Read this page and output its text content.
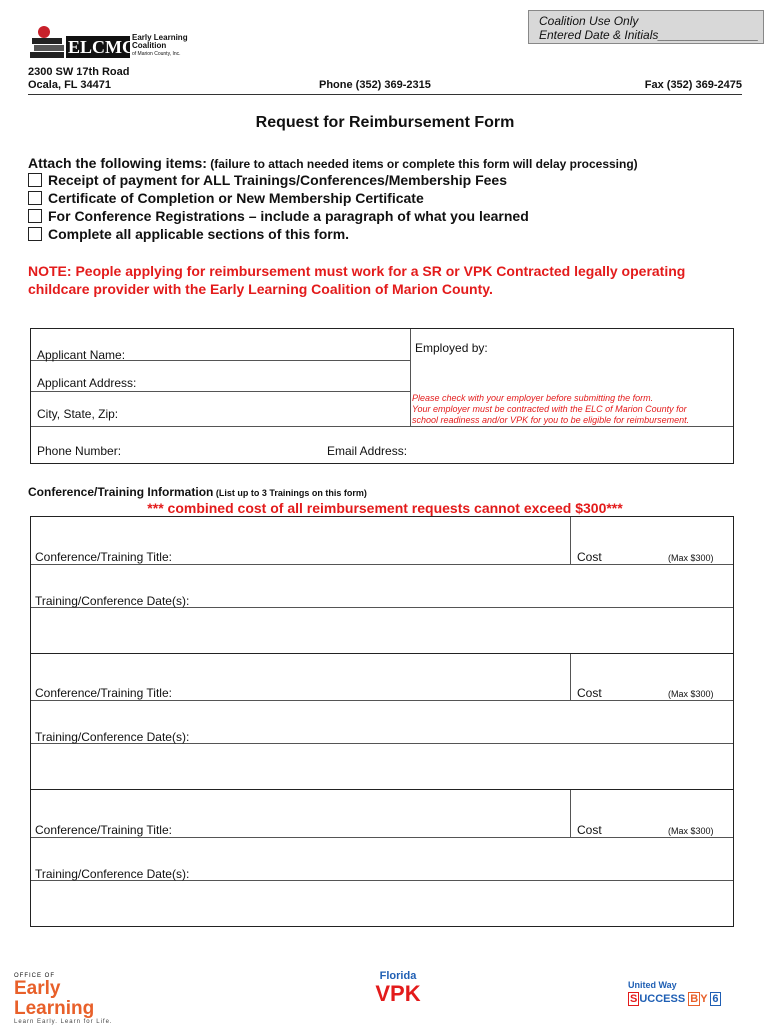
Coalition Use Only
Entered Date & Initials_______________
ELCMC
Early Learning
Coalition
of Marion County, Inc.
2300 SW 17th Road
Ocala, FL 34471	Phone (352) 369-2315	Fax (352) 369-2475
Request for Reimbursement Form
Attach the following items: (failure to attach needed items or complete this form will delay processing)
Receipt of payment for ALL Trainings/Conferences/Membership Fees
Certificate of Completion or New Membership Certificate
For Conference Registrations – include a paragraph of what you learned
Complete all applicable sections of this form.
NOTE: People applying for reimbursement must work for a SR or VPK Contracted legally operating childcare provider with the Early Learning Coalition of Marion County.
Applicant Name:	Employed by:
Applicant Address:
City, State, Zip:
Please check with your employer before submitting the form.
Your employer must be contracted with the ELC of Marion County for
school readiness and/or VPK for you to be eligible for reimbursement.
Phone Number:	Email Address:
Conference/Training Information (List up to 3 Trainings on this form)
*** combined cost of all reimbursement requests cannot exceed $300***
Conference/Training Title:	Cost	(Max $300)
Training/Conference Date(s):
Conference/Training Title:	Cost	(Max $300)
Training/Conference Date(s):
Conference/Training Title:	Cost	(Max $300)
Training/Conference Date(s):
OFFICE OF
Early Learning
Learn Early. Learn for Life.
Florida
VPK	United Way
S UCCESS B Y 6
